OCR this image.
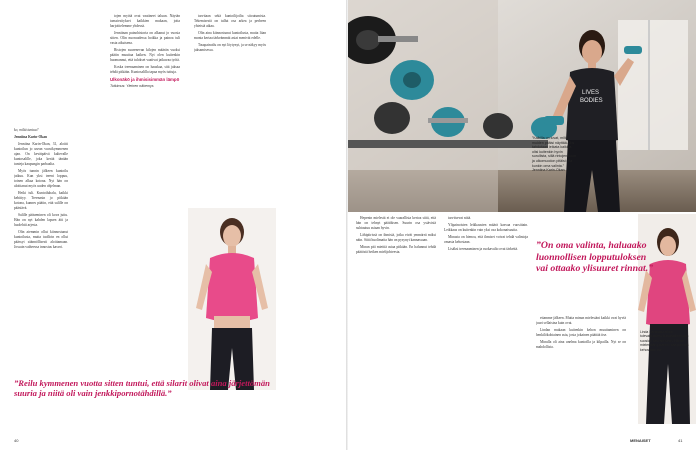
ko, miltä tuntuu?

Jenniina Karin-Okan

Jenniina Karin-Okan, 31, aloitti kuntoilun jo usean vuosikymmenen ajan. On kevätpäivä kaltevalle kuntosalille, joka kerää tänään tunteja kaupungin parhaalta.

Myös tunnin jälkeen kuntoilu jatkuu. Kun yksi treeni loppuu, toinen alkaa kotona. Nyt hän on aloittanut myös uuden ohjelman.

Hetki tuli. Kuntoiluhalu, kaikki kehittyy. Treenasin jo pitkään kotona, kunnes päätin, että salille on päästävä.

Salille pääseminen oli kova juttu. Hän on nyt kahden lapsen äiti ja huolehtii arjesta.

Olin aiemmin ollut kiinnostunut kuntoilusta, mutta tuolloin en ollut päässyt säännöllisesti aloittamaan. Jossain vaiheessa innostus kasvoi.

tojen myötä ovat vaatineet taluun. Näytän tanssiesitykset kaikkien mukaan, joita harjoittelemme yhdessä.

Jenniinan painohistoria on alkanut jo vuosia sitten. Olin nuoruudessa hoikka ja painoa tuli vasta aikuisena.

Ristojen suurenevan kilojen määrän vuoksi päätin muuttaa kaiken. Nyt olen kuitenkin huomannut, että tulokset vaativat jatkuvaa työtä.

Koska treenaaminen on hauskaa, sitä jaksaa tehdä pitkään. Kuntosalilla tapaa myös tuttuja.

Ulkonäkö ja ihmisisimmän lämpö

Tutkimus: Yleinen näkemys

tarvitaan sekä kuntoilijoilta sitoutumista. Tekemisestä on tullut osa arkea ja perheen yhteistä aikaa.

Olin aina kiinnostunut kuntoilusta, mutta liian monta kertaa tärkeämmät asiat menivät edelle.

Tasapainoilu on nyt löytynyt, ja se näkyy myös jaksamisessa.

”Reilu kymmenen vuotta sitten tuntui, että silarit olivat aina järjettömän suuria ja niitä oli vain jenkkipornotähdillä.”
40
LIVES
BODIES
”Kaikilla on luvat, miltä muiden pitäisi näyttää. Jos tahdotaan leikata kaikilta olisi kuitenkin hyvin surullista, sillä rintojen koon ja ulkomuodon pitäisi olla kunkin oma valinta.” Jenniina Karin-Okan

Hepenin mielestä ei ole vaarallista kertoa siitä, että hän on tehnyt päätöksen. Suurin osa ystävistä suhtautuu asiaan hyvin.

Lähipiirissä on ihmisiä, jotka eivät ymmärrä miksi näin. Siitä huolimatta hän on pysynyt kannassaan.

Minun piti miettiä asiaa pitkään. En halunnut tehdä päätöstä hetken mielijohteesta.

tarvitsevat niitä.

Ylipainoisten leikkausten määrä kasvaa vuosittain. Leikkaus on kuitenkin vain yksi osa kokonaisuutta.

Minusta on hienoa, että ihmiset voivat tehdä valintoja omasta kehostaan.

Lisäksi treenaaminen ja ruokavalio ovat tärkeitä.

ettamme jälkeen. Mutta minun mielestäni kaikki ovat hyviä juuri sellaisina kuin ovat.

Lindan mukaan kuitenkin kehon muuttaminen on henkilökohtainen asia, josta jokainen päättää itse.

Minulla oli aina unelma kuntoilla ja kilpailla. Nyt se on mahdollista.

Linda Danekas uskoo tulevaisuuteen kuntosalitreenien suosion kasvamiseen. Hänen mielestään jokainen saa päättää kehostaan itse.
MENAISET	41
”On oma valinta, haluaako luonnollisen lopputuloksen vai ottaako ylisuuret rinnat.”
